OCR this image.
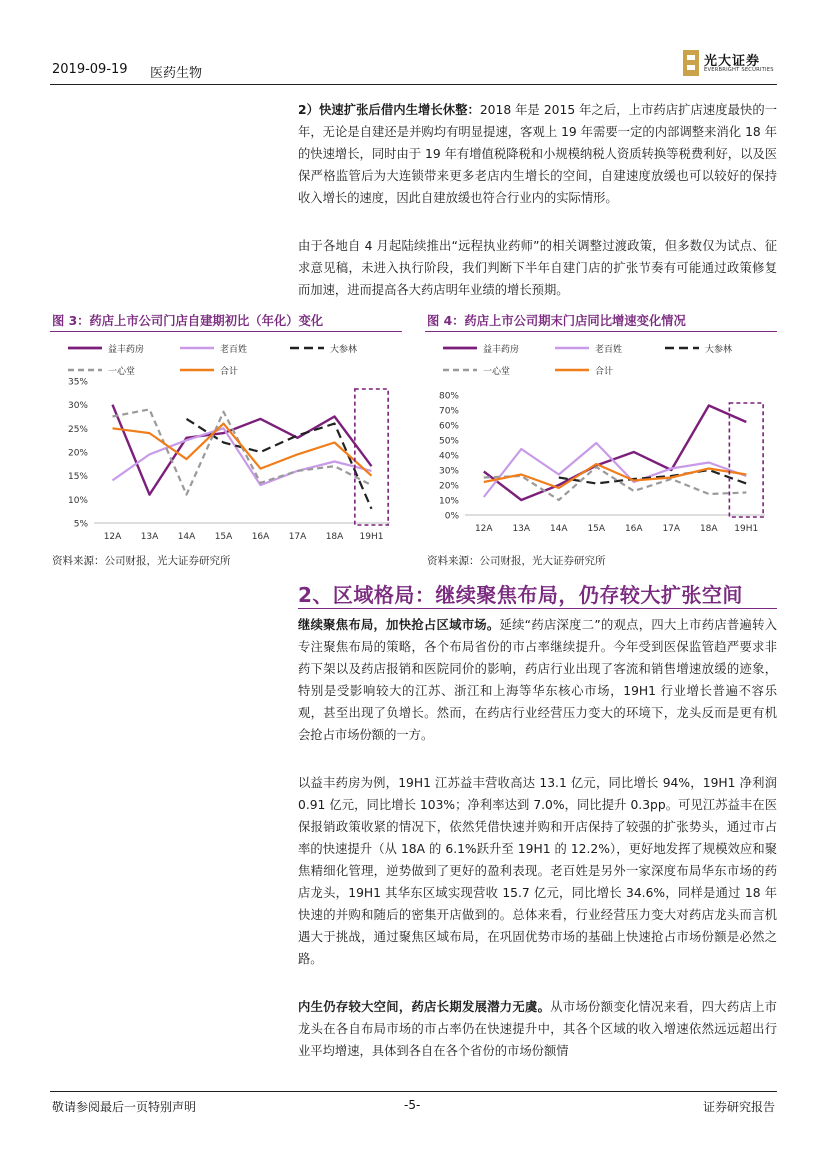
2019-09-19 医药生物
光大证券
EVERBRIGHT SECURITIES
2）快速扩张后借内生增长休整：2018 年是 2015 年之后，上市药店扩店速度最快的一年，无论是自建还是并购均有明显提速，客观上 19 年需要一定的内部调整来消化 18 年的快速增长，同时由于 19 年有增值税降税和小规模纳税人资质转换等税费利好，以及医保严格监管后为大连锁带来更多老店内生增长的空间，自建速度放缓也可以较好的保持收入增长的速度，因此自建放缓也符合行业内的实际情形。
由于各地自 4 月起陆续推出“远程执业药师”的相关调整过渡政策，但多数仅为试点、征求意见稿，未进入执行阶段，我们判断下半年自建门店的扩张节奏有可能通过政策修复而加速，进而提高各大药店明年业绩的增长预期。
图 3：药店上市公司门店自建期初比（年化）变化
益丰药房	老百姓	大参林
一心堂	合计
35%
30%
25%
20%
15%
10%
5%
12A 13A 14A 15A 16A 17A 18A 19H1
资料来源：公司财报，光大证券研究所
图 4：药店上市公司期末门店同比增速变化情况
益丰药房	老百姓	大参林
一心堂	合计
80%
70%
60%
50%
40%
30%
20%
10%
0%
12A 13A 14A 15A 16A 17A 18A 19H1
资料来源：公司财报，光大证券研究所
2、区域格局：继续聚焦布局，仍存较大扩张空间
继续聚焦布局，加快抢占区域市场。延续“药店深度二”的观点，四大上市药店普遍转入专注聚焦布局的策略，各个布局省份的市占率继续提升。今年受到医保监管趋严要求非药下架以及药店报销和医院同价的影响，药店行业出现了客流和销售增速放缓的迹象，特别是受影响较大的江苏、浙江和上海等华东核心市场，19H1 行业增长普遍不容乐观，甚至出现了负增长。然而，在药店行业经营压力变大的环境下，龙头反而是更有机会抢占市场份额的一方。
以益丰药房为例，19H1 江苏益丰营收高达 13.1 亿元，同比增长 94%，19H1 净利润 0.91 亿元，同比增长 103%；净利率达到 7.0%，同比提升 0.3pp。可见江苏益丰在医保报销政策收紧的情况下，依然凭借快速并购和开店保持了较强的扩张势头，通过市占率的快速提升（从 18A 的 6.1%跃升至 19H1 的 12.2%），更好地发挥了规模效应和聚焦精细化管理，逆势做到了更好的盈利表现。老百姓是另外一家深度布局华东市场的药店龙头，19H1 其华东区域实现营收 15.7 亿元，同比增长 34.6%，同样是通过 18 年快速的并购和随后的密集开店做到的。总体来看，行业经营压力变大对药店龙头而言机遇大于挑战，通过聚焦区域布局，在巩固优势市场的基础上快速抢占市场份额是必然之路。
内生仍存较大空间，药店长期发展潜力无虞。从市场份额变化情况来看，四大药店上市龙头在各自布局市场的市占率仍在快速提升中，其各个区域的收入增速依然远远超出行业平均增速，具体到各自在各个省份的市场份额情
敬请参阅最后一页特别声明	-5-	证券研究报告
